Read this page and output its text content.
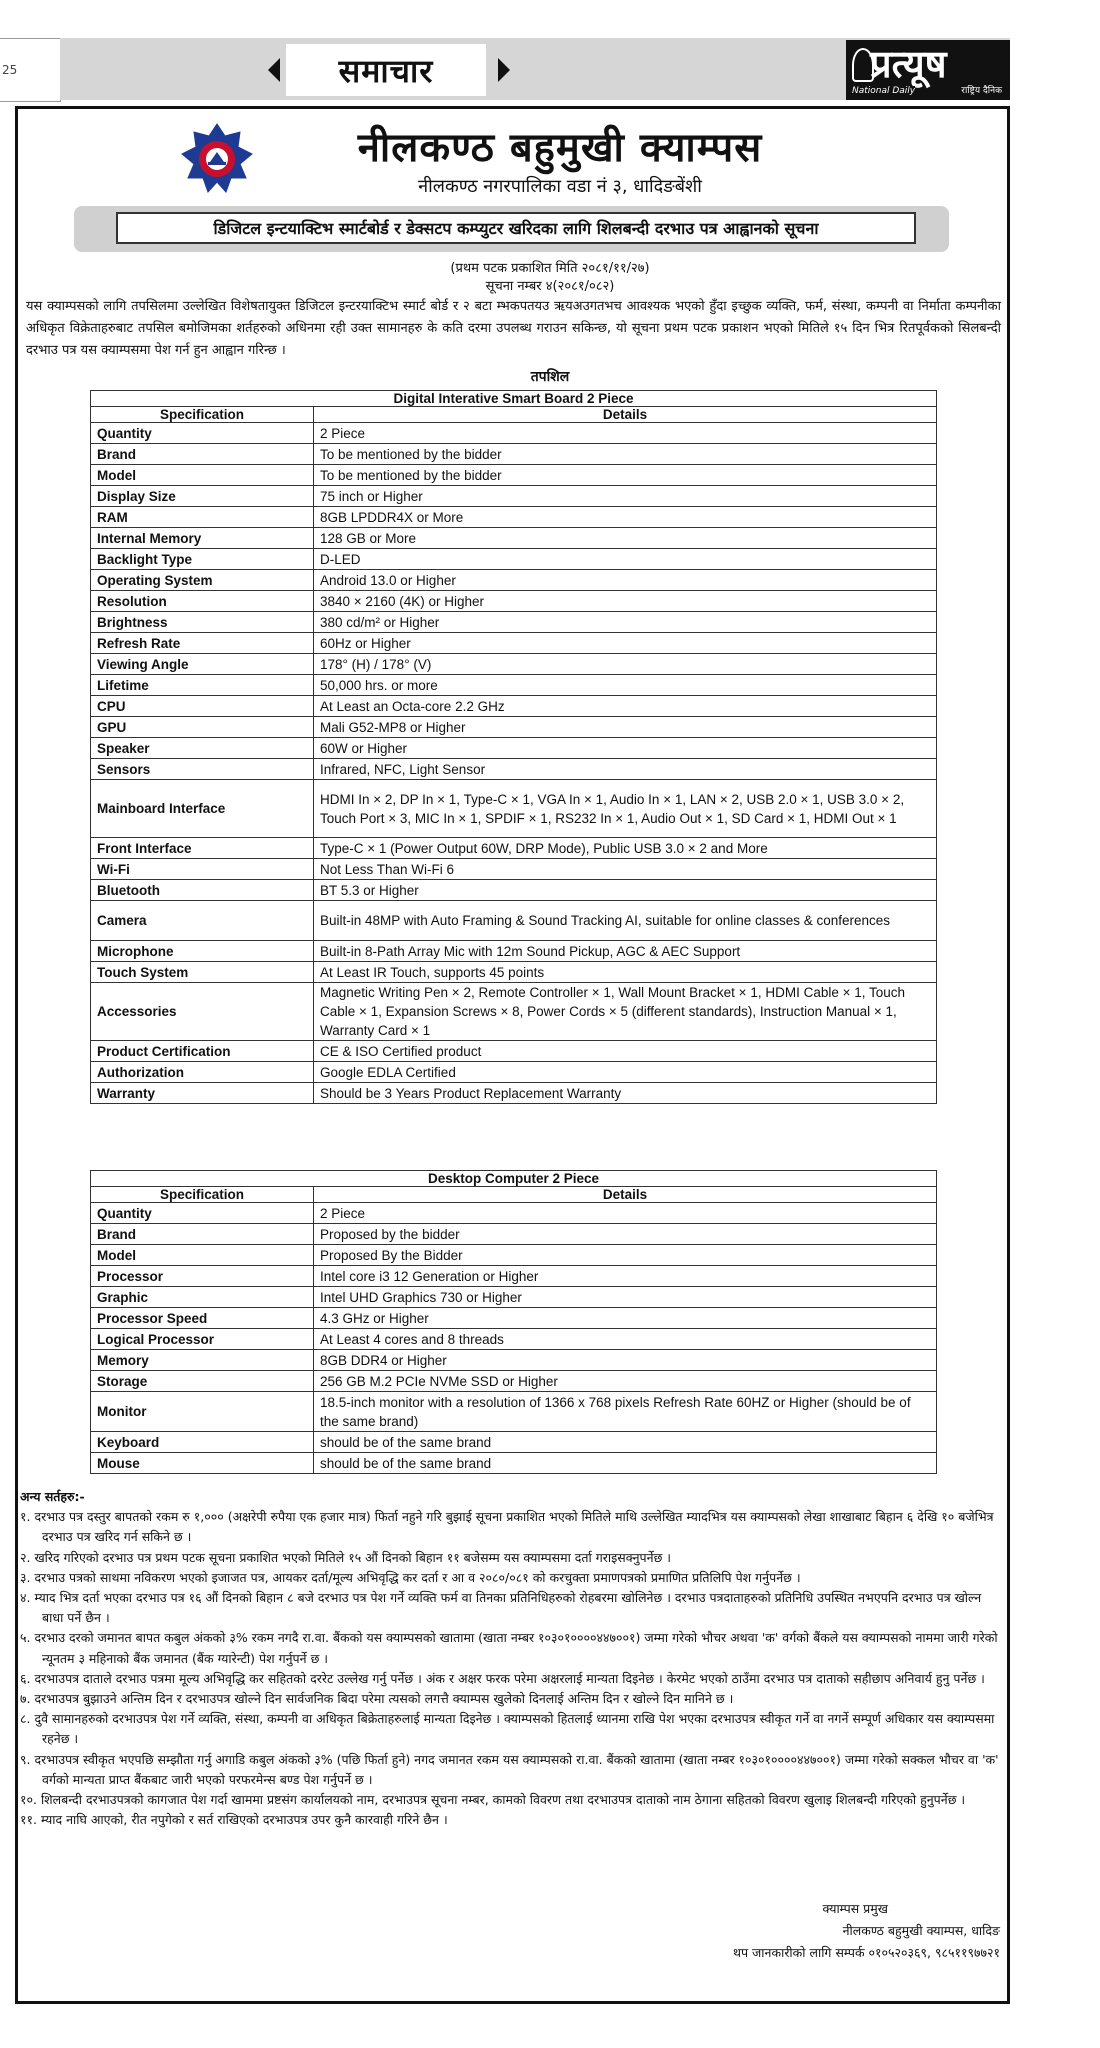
25	समाचार	प्रत्यूष
National Daily	राष्ट्रिय दैनिक
नीलकण्ठ बहुमुखी क्याम्पस
नीलकण्ठ नगरपालिका वडा नं ३, धादिङबेंशी
डिजिटल इन्टयाक्टिभ स्मार्टबोर्ड र डेक्सटप कम्प्युटर खरिदका लागि शिलबन्दी दरभाउ पत्र आह्वानको सूचना
(प्रथम पटक प्रकाशित मिति २०८१/११/२७)
सूचना नम्बर ४(२०८१/०८२)
यस क्याम्पसको लागि तपसिलमा उल्लेखित विशेषतायुक्त डिजिटल इन्टरयाक्टिभ स्मार्ट बोर्ड र २ बटा म्भकपतयउ ऋयअउगतभच आवश्यक भएको हुँदा इच्छुक व्यक्ति, फर्म, संस्था, कम्पनी वा निर्माता कम्पनीका अधिकृत विक्रेताहरुबाट तपसिल बमोजिमका शर्तहरुको अधिनमा रही उक्त सामानहरु के कति दरमा उपलब्ध गराउन सकिन्छ, यो सूचना प्रथम पटक प्रकाशन भएको मितिले १५ दिन भित्र रितपूर्वकको सिलबन्दी दरभाउ पत्र यस क्याम्पसमा पेश गर्न हुन आह्वान गरिन्छ ।
तपशिल
Digital Interative Smart Board 2 Piece	
Specification	Details
Quantity	2 Piece
Brand	To be mentioned by the bidder
Model	To be mentioned by the bidder
Display Size	75 inch or Higher
RAM	8GB LPDDR4X or More
Internal Memory	128 GB or More
Backlight Type	D-LED
Operating System	Android 13.0 or Higher
Resolution	3840 × 2160 (4K) or Higher
Brightness	380 cd/m² or Higher
Refresh Rate	60Hz or Higher
Viewing Angle	178° (H) / 178° (V)
Lifetime	50,000 hrs. or more
CPU	At Least an Octa-core 2.2 GHz
GPU	Mali G52-MP8 or Higher
Speaker	60W or Higher
Sensors	Infrared, NFC, Light Sensor
Mainboard Interface	HDMI In × 2, DP In × 1, Type-C × 1, VGA In × 1, Audio In × 1, LAN × 2, USB 2.0 × 1, USB 3.0 × 2, Touch Port × 3, MIC In × 1, SPDIF × 1, RS232 In × 1, Audio Out × 1, SD Card × 1, HDMI Out × 1
Front Interface	Type-C × 1 (Power Output 60W, DRP Mode), Public USB 3.0 × 2 and More
Wi-Fi	Not Less Than Wi-Fi 6
Bluetooth	BT 5.3 or Higher
Camera	Built-in 48MP with Auto Framing & Sound Tracking AI, suitable for online classes & conferences
Microphone	Built-in 8-Path Array Mic with 12m Sound Pickup, AGC & AEC Support
Touch System	At Least IR Touch, supports 45 points
Accessories	Magnetic Writing Pen × 2, Remote Controller × 1, Wall Mount Bracket × 1, HDMI Cable × 1, Touch Cable × 1, Expansion Screws × 8, Power Cords × 5 (different standards), Instruction Manual × 1, Warranty Card × 1
Product Certification	CE & ISO Certified product
Authorization	Google EDLA Certified
Warranty	Should be 3 Years Product Replacement Warranty
Desktop Computer 2 Piece	
Specification	Details
Quantity	2 Piece
Brand	Proposed by the bidder
Model	Proposed By the Bidder
Processor	Intel core i3 12 Generation or Higher
Graphic	Intel UHD Graphics 730 or Higher
Processor Speed	4.3 GHz or Higher
Logical Processor	At Least 4 cores and 8 threads
Memory	8GB DDR4 or Higher
Storage	256 GB M.2 PCIe NVMe SSD or Higher
Monitor	18.5-inch monitor with a resolution of 1366 x 768 pixels Refresh Rate 60HZ or Higher (should be of the same brand)
Keyboard	should be of the same brand
Mouse	should be of the same brand
अन्य सर्तहरु:-
१. दरभाउ पत्र दस्तुर बापतको रकम रु १,००० (अक्षरेपी रुपैया एक हजार मात्र) फिर्ता नहुने गरि बुझाई सूचना प्रकाशित भएको मितिले माथि उल्लेखित म्यादभित्र यस क्याम्पसको लेखा शाखाबाट बिहान ६ देखि १० बजेभित्र दरभाउ पत्र खरिद गर्न सकिने छ ।
२. खरिद गरिएको दरभाउ पत्र प्रथम पटक सूचना प्रकाशित भएको मितिले १५ औं दिनको बिहान ११ बजेसम्म यस क्याम्पसमा दर्ता गराइसक्नुपर्नेछ ।
३. दरभाउ पत्रको साथमा नविकरण भएको इजाजत पत्र, आयकर दर्ता/मूल्य अभिवृद्धि कर दर्ता र आ व २०८०/०८१ को करचुक्ता प्रमाणपत्रको प्रमाणित प्रतिलिपि पेश गर्नुपर्नेछ ।
४. म्याद भित्र दर्ता भएका दरभाउ पत्र १६ औं दिनको बिहान ८ बजे दरभाउ पत्र पेश गर्ने व्यक्ति फर्म वा तिनका प्रतिनिधिहरुको रोहबरमा खोलिनेछ । दरभाउ पत्रदाताहरुको प्रतिनिधि उपस्थित नभएपनि दरभाउ पत्र खोल्न बाधा पर्ने छैन ।
५. दरभाउ दरको जमानत बापत कबुल अंकको ३% रकम नगदै रा.वा. बैंकको यस क्याम्पसको खातामा (खाता नम्बर १०३०१००००४४७००१) जम्मा गरेको भौचर अथवा 'क' वर्गको बैंकले यस क्याम्पसको नाममा जारी गरेको न्यूनतम ३ महिनाको बैंक जमानत (बैंक ग्यारेन्टी) पेश गर्नुपर्ने छ ।
६. दरभाउपत्र दाताले दरभाउ पत्रमा मूल्य अभिवृद्धि कर सहितको दररेट उल्लेख गर्नु पर्नेछ । अंक र अक्षर फरक परेमा अक्षरलाई मान्यता दिइनेछ । केरमेट भएको ठाउँमा दरभाउ पत्र दाताको सहीछाप अनिवार्य हुनु पर्नेछ ।
७. दरभाउपत्र बुझाउने अन्तिम दिन र दरभाउपत्र खोल्ने दिन सार्वजनिक बिदा परेमा त्यसको लगत्तै क्याम्पस खुलेको दिनलाई अन्तिम दिन र खोल्ने दिन मानिने छ ।
८. दुवै सामानहरुको दरभाउपत्र पेश गर्ने व्यक्ति, संस्था, कम्पनी वा अधिकृत बिक्रेताहरुलाई मान्यता दिइनेछ । क्याम्पसको हितलाई ध्यानमा राखि पेश भएका दरभाउपत्र स्वीकृत गर्ने वा नगर्ने सम्पूर्ण अधिकार यस क्याम्पसमा रहनेछ ।
९. दरभाउपत्र स्वीकृत भएपछि सम्झौता गर्नु अगाडि कबुल अंकको ३% (पछि फिर्ता हुने) नगद जमानत रकम यस क्याम्पसको रा.वा. बैंककाे खातामा (खाता नम्बर १०३०१००००४४७००१) जम्मा गरेको सक्कल भौचर वा 'क' वर्गको मान्यता प्राप्त बैंकबाट जारी भएको परफरमेन्स बण्ड पेश गर्नुपर्ने छ ।
१०. शिलबन्दी दरभाउपत्रको कागजात पेश गर्दा खाममा प्रष्टसंग कार्यालयको नाम, दरभाउपत्र सूचना नम्बर, कामको विवरण तथा दरभाउपत्र दाताको नाम ठेगाना सहितको विवरण खुलाइ शिलबन्दी गरिएको हुनुपर्नेछ ।
११. म्याद नाघि आएको, रीत नपुगेको र सर्त राखिएको दरभाउपत्र उपर कुनै कारवाही गरिने छैन ।
क्याम्पस प्रमुख
नीलकण्ठ बहुमुखी क्याम्पस, धादिङ
थप जानकारीको लागि सम्पर्क ०१०५२०३६९, ९८५११९७७२१
